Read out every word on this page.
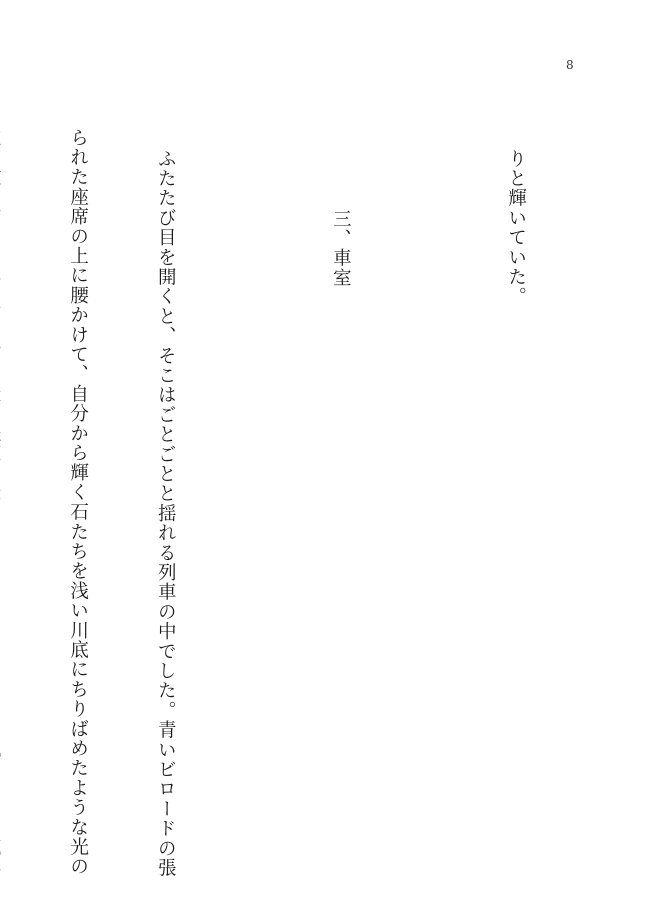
8

りと輝いていた。

三、車室

ふたたび目を開くと、そこはごとごとと揺れる列車の中でした。青いビロードの張

られた座席の上に腰かけて、自分から輝く石たちを浅い川底にちりばめたような光の
